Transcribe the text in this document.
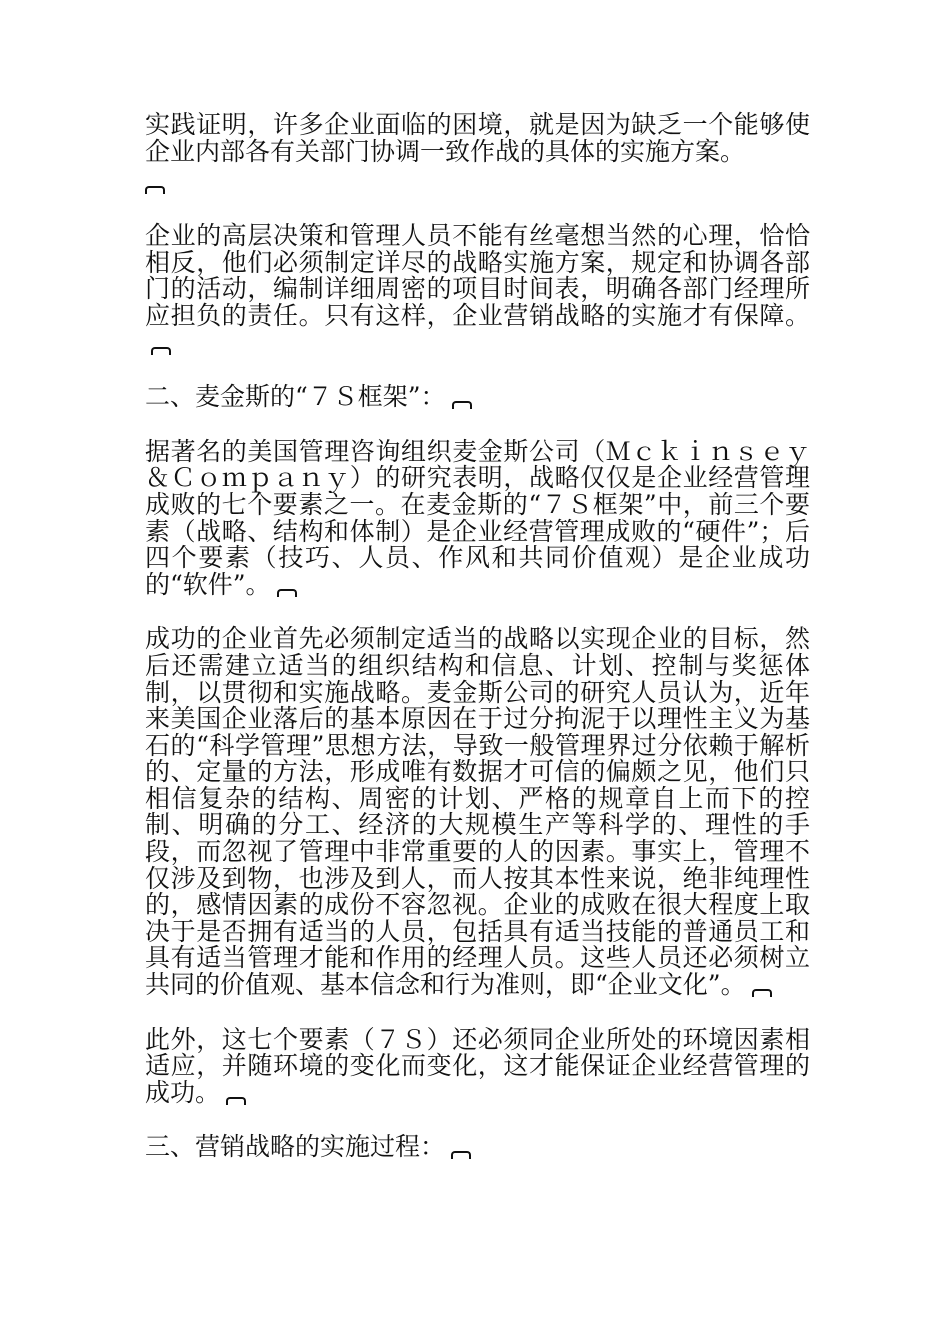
实践证明，许多企业面临的困境，就是因为缺乏一个能够使企业内部各有关部门协调一致作战的具体的实施方案。

企业的高层决策和管理人员不能有丝毫想当然的心理，恰恰相反，他们必须制定详尽的战略实施方案，规定和协调各部门的活动，编制详细周密的项目时间表，明确各部门经理所应担负的责任。只有这样，企业营销战略的实施才有保障。

二、麦金斯的“７Ｓ框架”：

据著名的美国管理咨询组织麦金斯公司（Ｍｃｋｉｎｓｅｙ＆Ｃｏｍｐａｎｙ）的研究表明，战略仅仅是企业经营管理成败的七个要素之一。在麦金斯的“７Ｓ框架”中，前三个要素（战略、结构和体制）是企业经营管理成败的“硬件”；后四个要素（技巧、人员、作风和共同价值观）是企业成功的“软件”。

成功的企业首先必须制定适当的战略以实现企业的目标，然后还需建立适当的组织结构和信息、计划、控制与奖惩体制，以贯彻和实施战略。麦金斯公司的研究人员认为，近年来美国企业落后的基本原因在于过分拘泥于以理性主义为基石的“科学管理”思想方法，导致一般管理界过分依赖于解析的、定量的方法，形成唯有数据才可信的偏颇之见，他们只相信复杂的结构、周密的计划、严格的规章自上而下的控制、明确的分工、经济的大规模生产等科学的、理性的手段，而忽视了管理中非常重要的人的因素。事实上，管理不仅涉及到物，也涉及到人，而人按其本性来说，绝非纯理性的，感情因素的成份不容忽视。企业的成败在很大程度上取决于是否拥有适当的人员，包括具有适当技能的普通员工和具有适当管理才能和作用的经理人员。这些人员还必须树立共同的价值观、基本信念和行为准则，即“企业文化”。

此外，这七个要素（７Ｓ）还必须同企业所处的环境因素相适应，并随环境的变化而变化，这才能保证企业经营管理的成功。

三、营销战略的实施过程：
